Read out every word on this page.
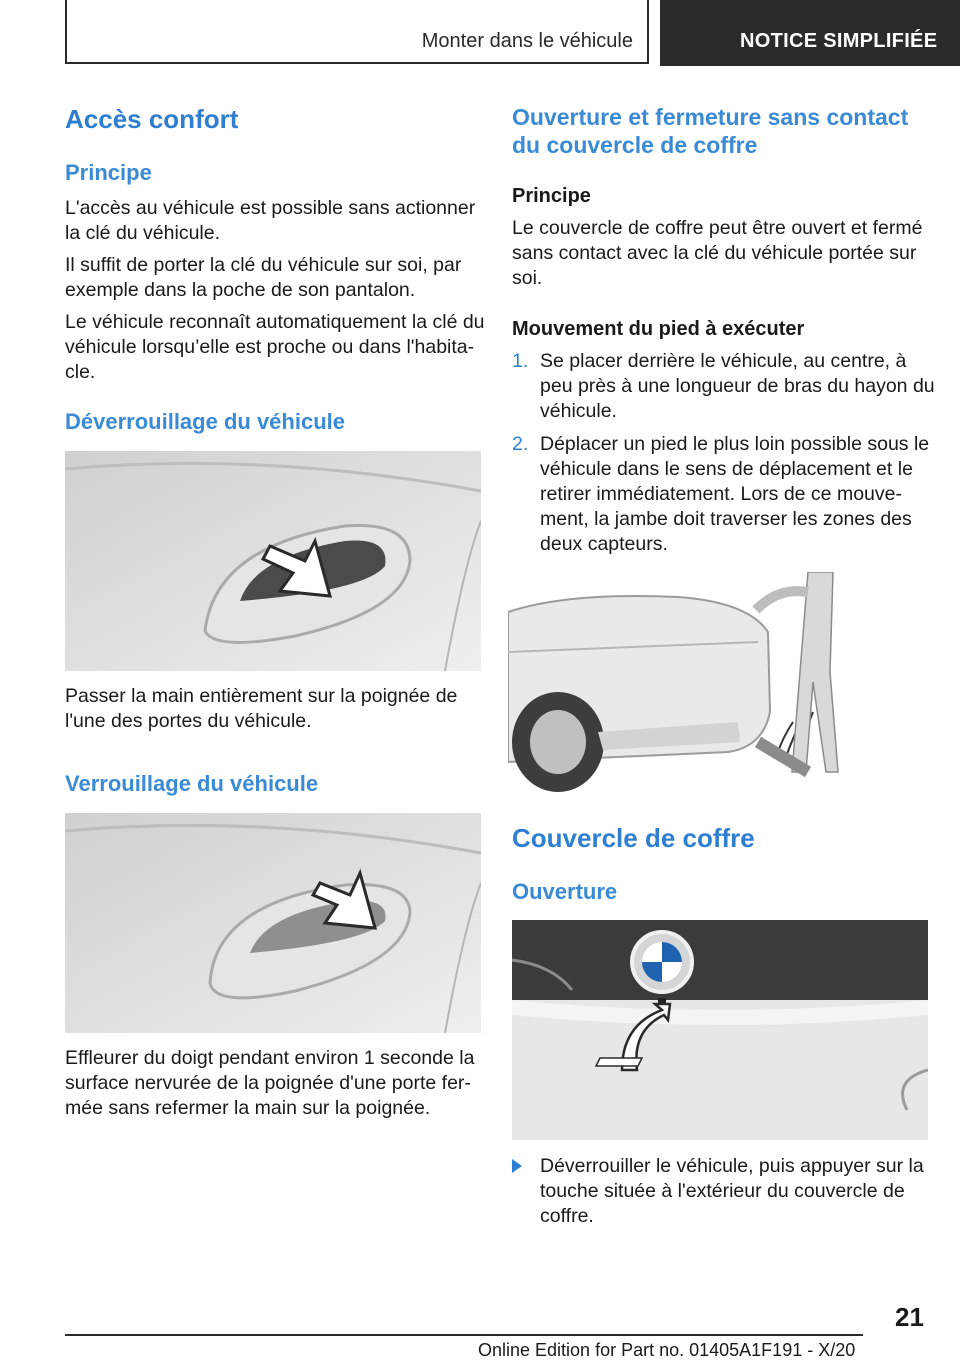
Monter dans le véhicule	NOTICE SIMPLIFIÉE
Accès confort
Principe
L'accès au véhicule est possible sans actionner
la clé du véhicule.
Il suffit de porter la clé du véhicule sur soi, par
exemple dans la poche de son pantalon.
Le véhicule reconnaît automatiquement la clé du
véhicule lorsqu’elle est proche ou dans l'habita-
cle.
Déverrouillage du véhicule
Passer la main entièrement sur la poignée de
l'une des portes du véhicule.
Verrouillage du véhicule
Effleurer du doigt pendant environ 1 seconde la
surface nervurée de la poignée d'une porte fer-
mée sans refermer la main sur la poignée.
Ouverture et fermeture sans contact
du couvercle de coffre
Principe
Le couvercle de coffre peut être ouvert et fermé
sans contact avec la clé du véhicule portée sur
soi.
Mouvement du pied à exécuter
1. Se placer derrière le véhicule, au centre, à
peu près à une longueur de bras du hayon du
véhicule.
2. Déplacer un pied le plus loin possible sous le
véhicule dans le sens de déplacement et le
retirer immédiatement. Lors de ce mouve-
ment, la jambe doit traverser les zones des
deux capteurs.
Couvercle de coffre
Ouverture
Déverrouiller le véhicule, puis appuyer sur la
touche située à l'extérieur du couvercle de
coffre.
21
Online Edition for Part no. 01405A1F191 - X/20
